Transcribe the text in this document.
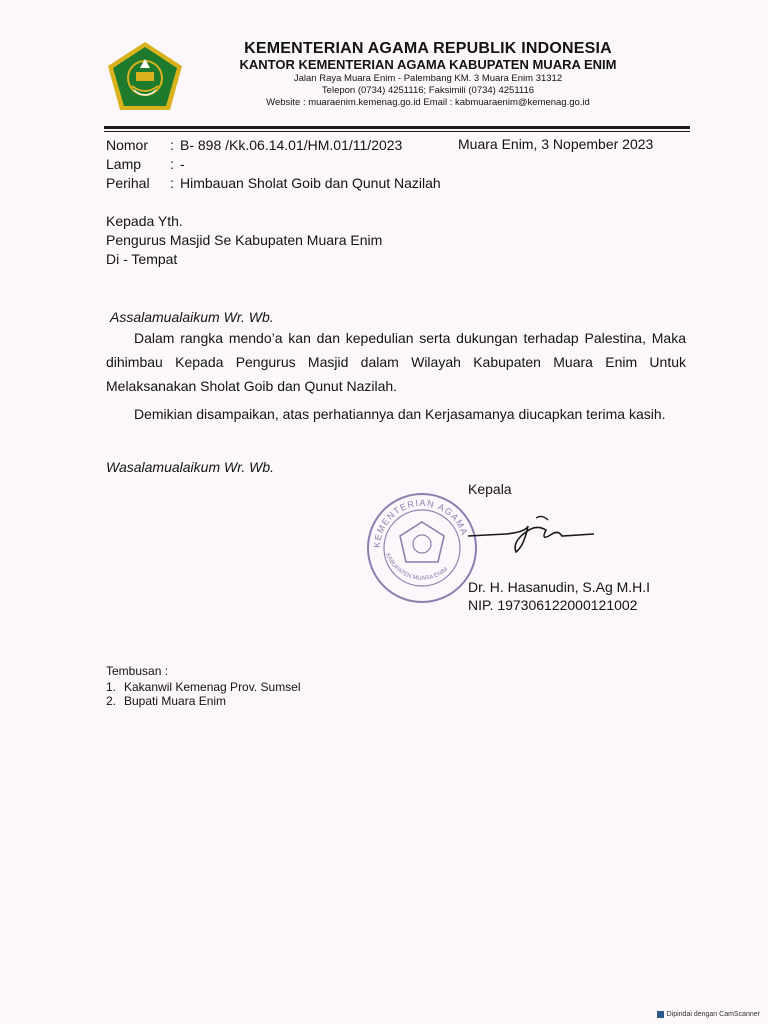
KEMENTERIAN AGAMA REPUBLIK INDONESIA
KANTOR KEMENTERIAN AGAMA KABUPATEN MUARA ENIM
Jalan Raya Muara Enim - Palembang KM. 3 Muara Enim 31312
Telepon (0734) 4251116; Faksimili (0734) 4251116
Website : muaraenim.kemenag.go.id Email : kabmuaraenim@kemenag.go.id
Nomor : B- 898 /Kk.06.14.01/HM.01/11/2023	Muara Enim, 3 Nopember 2023
Lamp : -
Perihal : Himbauan Sholat Goib dan Qunut Nazilah
Kepada Yth.
Pengurus Masjid Se Kabupaten Muara Enim
Di - Tempat
Assalamualaikum Wr. Wb.
Dalam rangka mendo’a kan dan kepedulian serta dukungan terhadap Palestina, Maka dihimbau Kepada Pengurus Masjid dalam Wilayah Kabupaten Muara Enim Untuk Melaksanakan Sholat Goib dan Qunut Nazilah.
Demikian disampaikan, atas perhatiannya dan Kerjasamanya diucapkan terima kasih.
Wasalamualaikum Wr. Wb.
Kepala
KEMENTERIAN AGAMA
KABUPATEN MUARA ENIM
Dr. H. Hasanudin, S.Ag M.H.I
NIP. 197306122000121002
Tembusan :
1. Kakanwil Kemenag Prov. Sumsel
2. Bupati Muara Enim
Dipindai dengan CamScanner
